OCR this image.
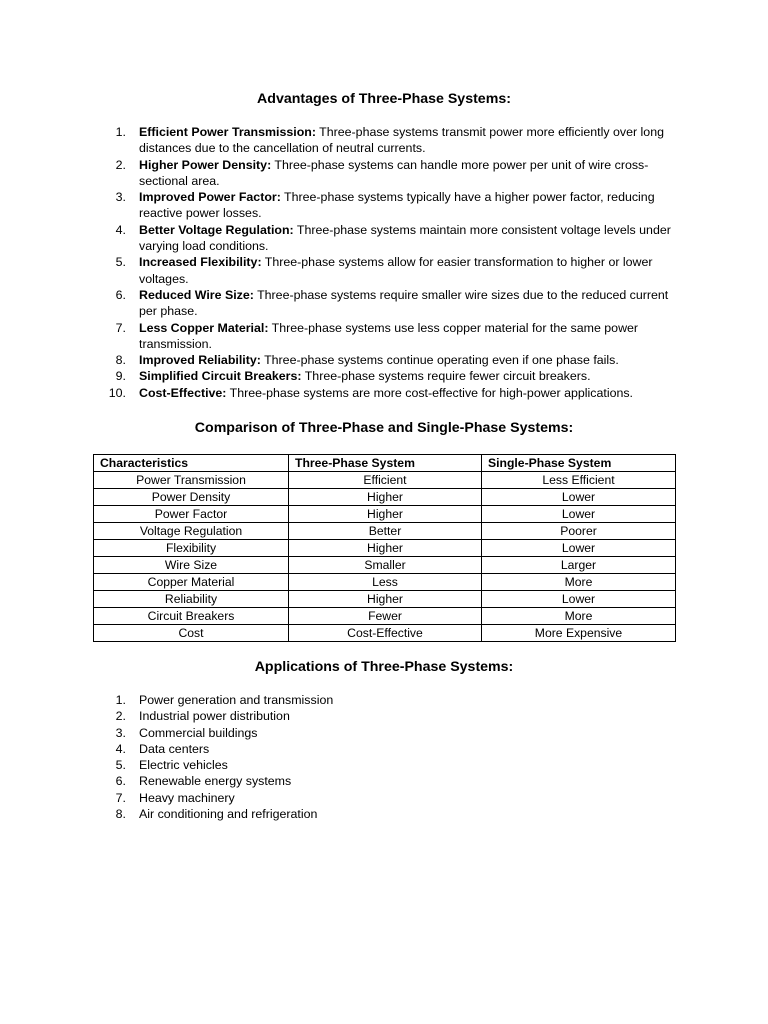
Advantages of Three-Phase Systems:
1. Efficient Power Transmission: Three-phase systems transmit power more efficiently over long distances due to the cancellation of neutral currents.
2. Higher Power Density: Three-phase systems can handle more power per unit of wire cross-sectional area.
3. Improved Power Factor: Three-phase systems typically have a higher power factor, reducing reactive power losses.
4. Better Voltage Regulation: Three-phase systems maintain more consistent voltage levels under varying load conditions.
5. Increased Flexibility: Three-phase systems allow for easier transformation to higher or lower voltages.
6. Reduced Wire Size: Three-phase systems require smaller wire sizes due to the reduced current per phase.
7. Less Copper Material: Three-phase systems use less copper material for the same power transmission.
8. Improved Reliability: Three-phase systems continue operating even if one phase fails.
9. Simplified Circuit Breakers: Three-phase systems require fewer circuit breakers.
10. Cost-Effective: Three-phase systems are more cost-effective for high-power applications.
Comparison of Three-Phase and Single-Phase Systems:
Characteristics	Three-Phase System	Single-Phase System
Power Transmission	Efficient	Less Efficient
Power Density	Higher	Lower
Power Factor	Higher	Lower
Voltage Regulation	Better	Poorer
Flexibility	Higher	Lower
Wire Size	Smaller	Larger
Copper Material	Less	More
Reliability	Higher	Lower
Circuit Breakers	Fewer	More
Cost	Cost-Effective	More Expensive
Applications of Three-Phase Systems:
1. Power generation and transmission
2. Industrial power distribution
3. Commercial buildings
4. Data centers
5. Electric vehicles
6. Renewable energy systems
7. Heavy machinery
8. Air conditioning and refrigeration
